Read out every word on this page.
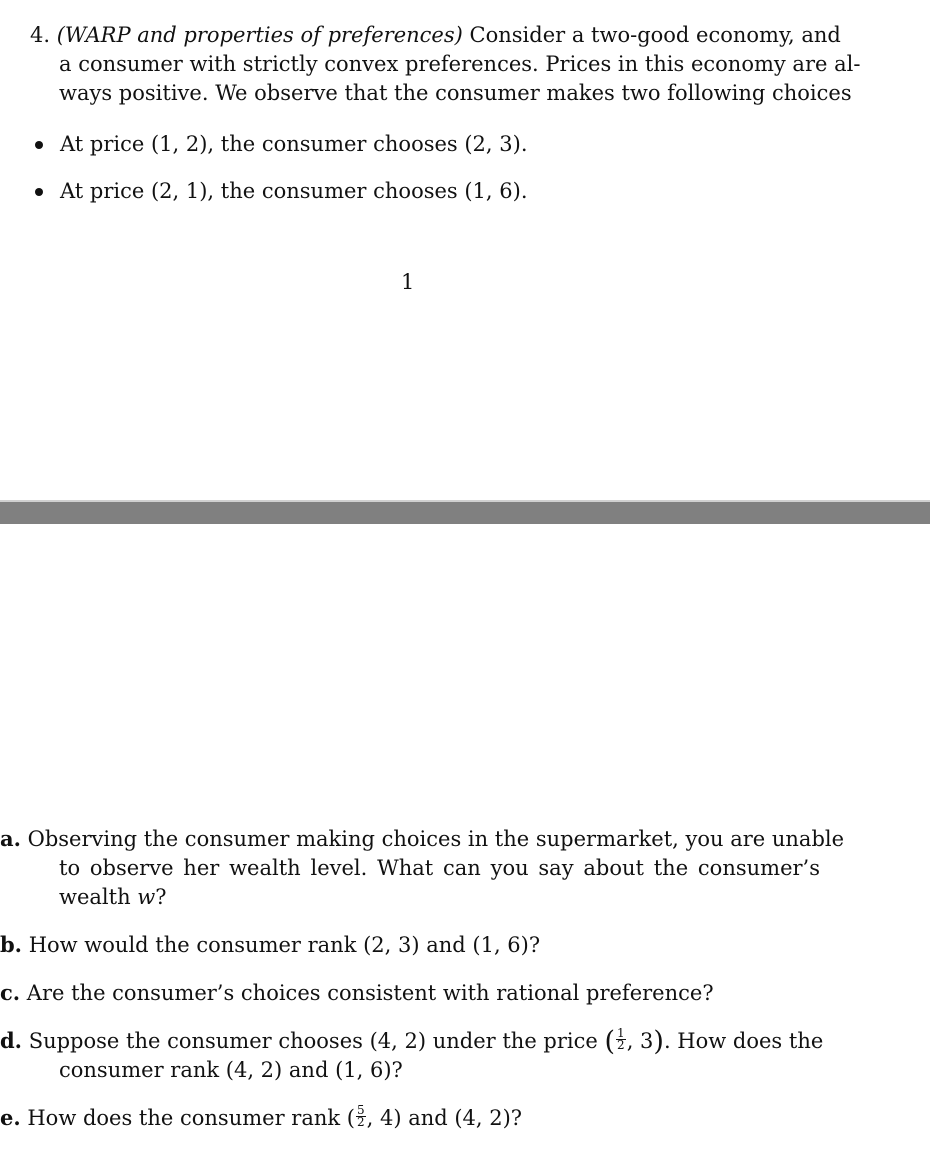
4. (WARP and properties of preferences) Consider a two-good economy, and
a consumer with strictly convex preferences. Prices in this economy are al-
ways positive. We observe that the consumer makes two following choices
At price (1, 2), the consumer chooses (2, 3).
At price (2, 1), the consumer chooses (1, 6).
1
a. Observing the consumer making choices in the supermarket, you are unable
to observe her wealth level. What can you say about the consumer’s
wealth w?
b. How would the consumer rank (2, 3) and (1, 6)?
c. Are the consumer’s choices consistent with rational preference?
d. Suppose the consumer chooses (4, 2) under the price ( $\frac{1}{2}$ , 3). How does the
consumer rank (4, 2) and (1, 6)?
e. How does the consumer rank ( $\frac{5}{2}$ , 4) and (4, 2)?
